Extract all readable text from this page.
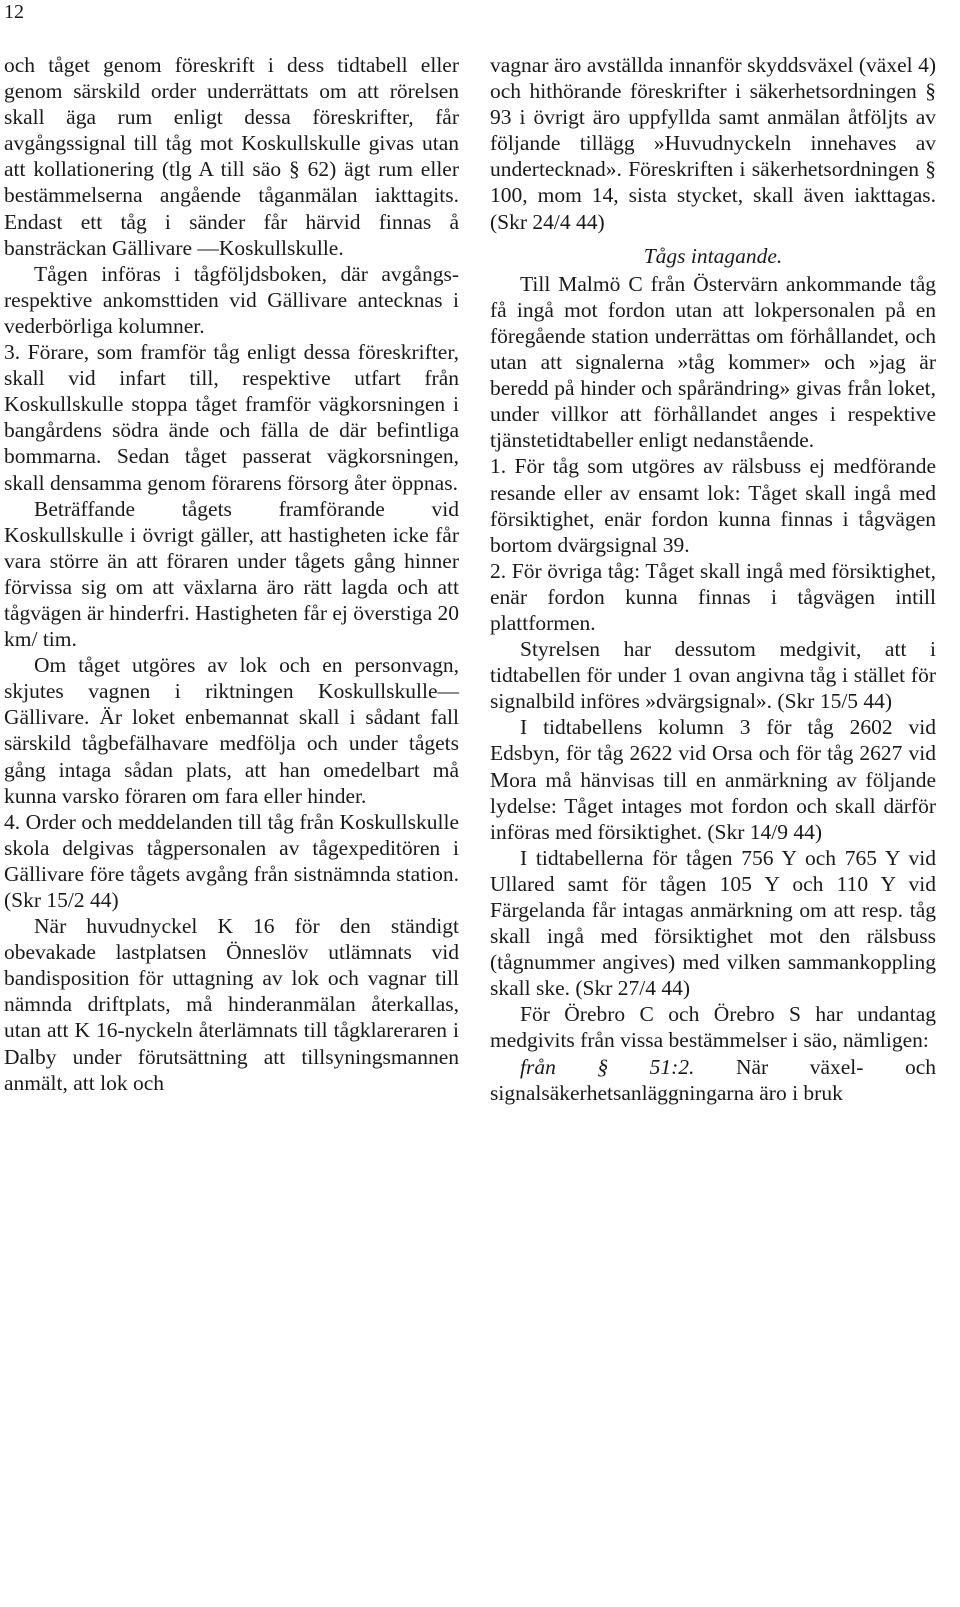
12

och tåget genom föreskrift i dess tidtabell eller genom särskild order underrättats om att rörelsen skall äga rum enligt dessa föreskrifter, får avgångssignal till tåg mot Koskullskulle givas utan att kollationering (tlg A till säo § 62) ägt rum eller bestämmelserna angående tåganmälan iakttagits. Endast ett tåg i sänder får härvid finnas å bansträckan Gällivare —Koskullskulle.

Tågen införas i tågföljdsboken, där avgångs- respektive ankomsttiden vid Gällivare antecknas i vederbörliga kolumner.

3. Förare, som framför tåg enligt dessa föreskrifter, skall vid infart till, respektive utfart från Koskullskulle stoppa tåget framför vägkorsningen i bangårdens södra ände och fälla de där befintliga bommarna. Sedan tåget passerat vägkorsningen, skall densamma genom förarens försorg åter öppnas.

Beträffande tågets framförande vid Koskullskulle i övrigt gäller, att hastigheten icke får vara större än att föraren under tågets gång hinner förvissa sig om att växlarna äro rätt lagda och att tågvägen är hinderfri. Hastigheten får ej överstiga 20 km/ tim.

Om tåget utgöres av lok och en personvagn, skjutes vagnen i riktningen Koskullskulle—Gällivare. Är loket enbemannat skall i sådant fall särskild tågbefälhavare medfölja och under tågets gång intaga sådan plats, att han omedelbart må kunna varsko föraren om fara eller hinder.

4. Order och meddelanden till tåg från Koskullskulle skola delgivas tågpersonalen av tågexpeditören i Gällivare före tågets avgång från sistnämnda station. (Skr 15/2 44)

När huvudnyckel K 16 för den ständigt obevakade lastplatsen Önneslöv utlämnats vid bandisposition för uttagning av lok och vagnar till nämnda driftplats, må hinderanmälan återkallas, utan att K 16-nyckeln återlämnats till tågklareraren i Dalby under förutsättning att tillsyningsmannen anmält, att lok och

vagnar äro avställda innanför skyddsväxel (växel 4) och hithörande föreskrifter i säkerhetsordningen § 93 i övrigt äro uppfyllda samt anmälan åtföljts av följande tillägg »Huvudnyckeln innehaves av undertecknad». Föreskriften i säkerhetsordningen § 100, mom 14, sista stycket, skall även iakttagas. (Skr 24/4 44)

Tågs intagande.

Till Malmö C från Östervärn ankommande tåg få ingå mot fordon utan att lokpersonalen på en föregående station underrättas om förhållandet, och utan att signalerna »tåg kommer» och »jag är beredd på hinder och spårändring» givas från loket, under villkor att förhållandet anges i respektive tjänstetidtabeller enligt nedanstående.

1. För tåg som utgöres av rälsbuss ej medförande resande eller av ensamt lok: Tåget skall ingå med försiktighet, enär fordon kunna finnas i tågvägen bortom dvärgsignal 39.

2. För övriga tåg: Tåget skall ingå med försiktighet, enär fordon kunna finnas i tågvägen intill plattformen.

Styrelsen har dessutom medgivit, att i tidtabellen för under 1 ovan angivna tåg i stället för signalbild införes »dvärgsignal». (Skr 15/5 44)

I tidtabellens kolumn 3 för tåg 2602 vid Edsbyn, för tåg 2622 vid Orsa och för tåg 2627 vid Mora må hänvisas till en anmärkning av följande lydelse: Tåget intages mot fordon och skall därför införas med försiktighet. (Skr 14/9 44)

I tidtabellerna för tågen 756 Y och 765 Y vid Ullared samt för tågen 105 Y och 110 Y vid Färgelanda får intagas anmärkning om att resp. tåg skall ingå med försiktighet mot den rälsbuss (tågnummer angives) med vilken sammankoppling skall ske. (Skr 27/4 44)

För Örebro C och Örebro S har undantag medgivits från vissa bestämmelser i säo, nämligen:

från § 51:2. När växel- och signalsäkerhetsanläggningarna äro i bruk
